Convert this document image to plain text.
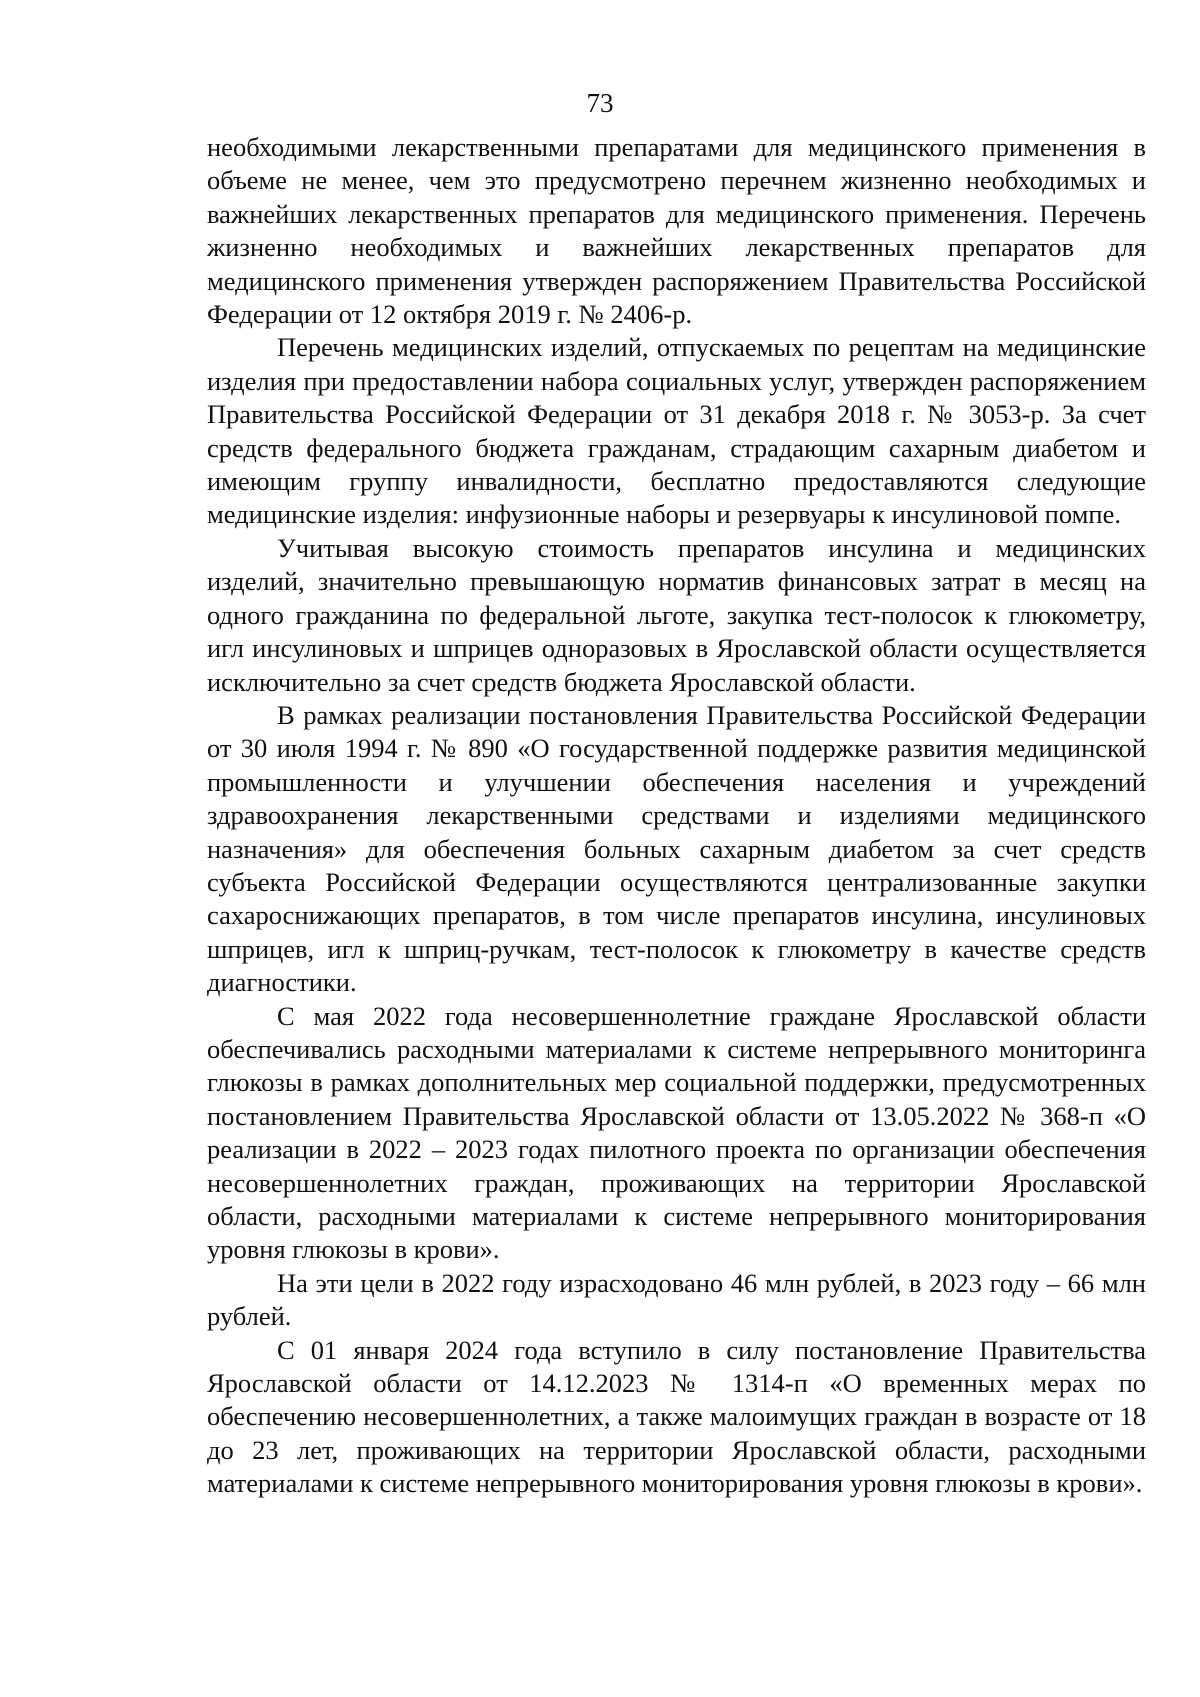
73

необходимыми лекарственными препаратами для медицинского применения в объеме не менее, чем это предусмотрено перечнем жизненно необходимых и важнейших лекарственных препаратов для медицинского применения. Перечень жизненно необходимых и важнейших лекарственных препаратов для медицинского применения утвержден распоряжением Правительства Российской Федерации от 12 октября 2019 г. № 2406-р.

Перечень медицинских изделий, отпускаемых по рецептам на медицинские изделия при предоставлении набора социальных услуг, утвержден распоряжением Правительства Российской Федерации от 31 декабря 2018 г. № 3053-р. За счет средств федерального бюджета гражданам, страдающим сахарным диабетом и имеющим группу инвалидности, бесплатно предоставляются следующие медицинские изделия: инфузионные наборы и резервуары к инсулиновой помпе.

Учитывая высокую стоимость препаратов инсулина и медицинских изделий, значительно превышающую норматив финансовых затрат в месяц на одного гражданина по федеральной льготе, закупка тест-полосок к глюкометру, игл инсулиновых и шприцев одноразовых в Ярославской области осуществляется исключительно за счет средств бюджета Ярославской области.

В рамках реализации постановления Правительства Российской Федерации от 30 июля 1994 г. № 890 «О государственной поддержке развития медицинской промышленности и улучшении обеспечения населения и учреждений здравоохранения лекарственными средствами и изделиями медицинского назначения» для обеспечения больных сахарным диабетом за счет средств субъекта Российской Федерации осуществляются централизованные закупки сахароснижающих препаратов, в том числе препаратов инсулина, инсулиновых шприцев, игл к шприц-ручкам, тест-полосок к глюкометру в качестве средств диагностики.

С мая 2022 года несовершеннолетние граждане Ярославской области обеспечивались расходными материалами к системе непрерывного мониторинга глюкозы в рамках дополнительных мер социальной поддержки, предусмотренных постановлением Правительства Ярославской области от 13.05.2022 № 368-п «О реализации в 2022 – 2023 годах пилотного проекта по организации обеспечения несовершеннолетних граждан, проживающих на территории Ярославской области, расходными материалами к системе непрерывного мониторирования уровня глюкозы в крови».

На эти цели в 2022 году израсходовано 46 млн рублей, в 2023 году – 66 млн рублей.

С 01 января 2024 года вступило в силу постановление Правительства Ярославской области от 14.12.2023 № 1314-п «О временных мерах по обеспечению несовершеннолетних, а также малоимущих граждан в возрасте от 18 до 23 лет, проживающих на территории Ярославской области, расходными материалами к системе непрерывного мониторирования уровня глюкозы в крови».
